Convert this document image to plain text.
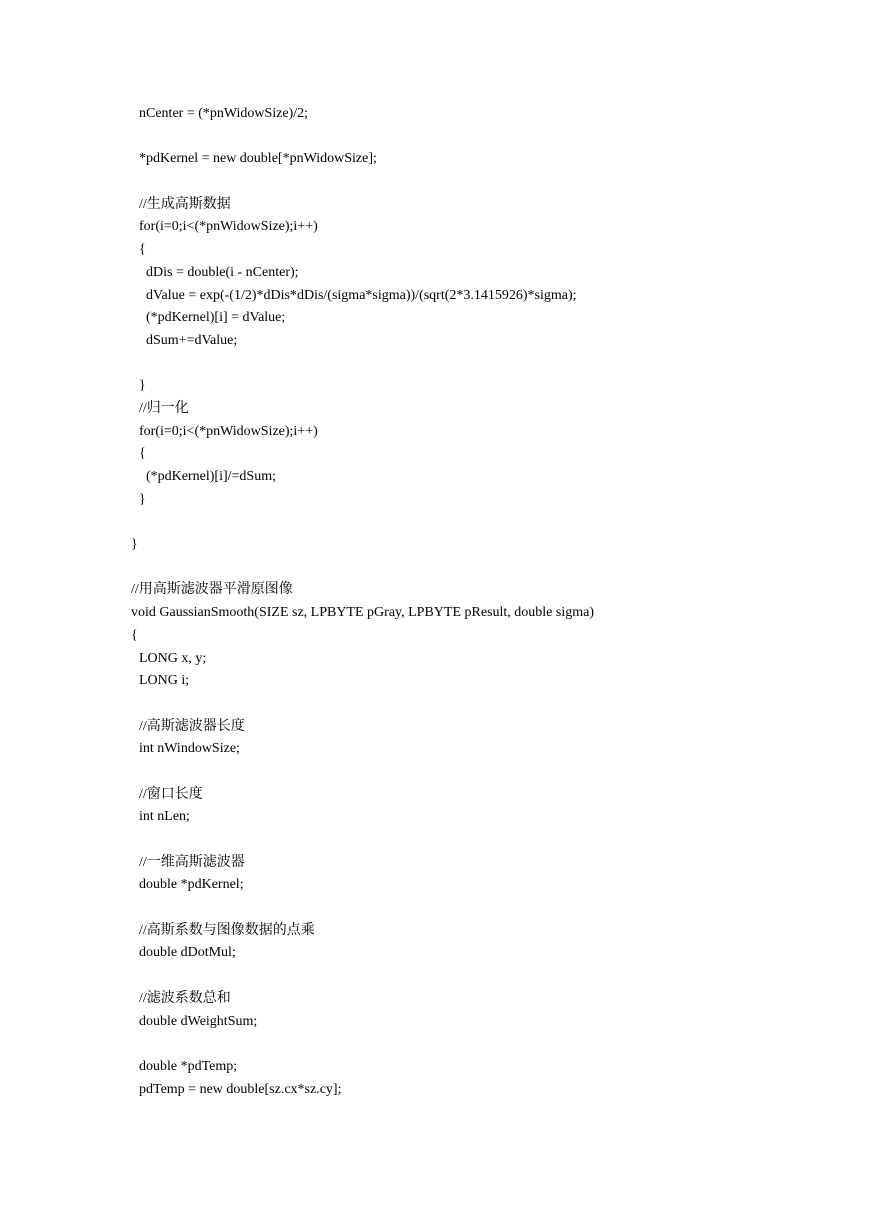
nCenter = (*pnWidowSize)/2;
*pdKernel = new double[*pnWidowSize];
//生成高斯数据
for(i=0;i<(*pnWidowSize);i++)
{
dDis = double(i - nCenter);
dValue = exp(-(1/2)*dDis*dDis/(sigma*sigma))/(sqrt(2*3.1415926)*sigma);
(*pdKernel)[i] = dValue;
dSum+=dValue;
}
//归一化
for(i=0;i<(*pnWidowSize);i++)
{
(*pdKernel)[i]/=dSum;
}
}
//用高斯滤波器平滑原图像
void GaussianSmooth(SIZE sz, LPBYTE pGray, LPBYTE pResult, double sigma)
{
LONG x, y;
LONG i;
//高斯滤波器长度
int nWindowSize;
//窗口长度
int nLen;
//一维高斯滤波器
double *pdKernel;
//高斯系数与图像数据的点乘
double dDotMul;
//滤波系数总和
double dWeightSum;
double *pdTemp;
pdTemp = new double[sz.cx*sz.cy];
